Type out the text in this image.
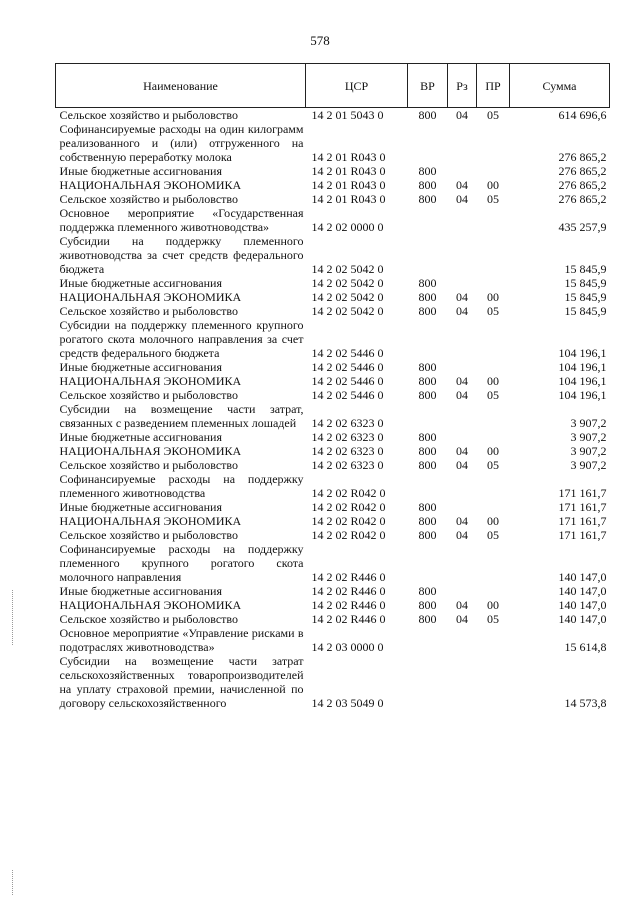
578
Наименование	ЦСР	ВР	Рз	ПР	Сумма
Сельское хозяйство и рыболовство	14 2 01 5043 0	800	04	05	614 696,6
Софинансируемые расходы на один килограмм реализованного и (или) отгруженного на собственную переработку молока	14 2 01 R043 0				276 865,2
Иные бюджетные ассигнования	14 2 01 R043 0	800			276 865,2
НАЦИОНАЛЬНАЯ ЭКОНОМИКА	14 2 01 R043 0	800	04	00	276 865,2
Сельское хозяйство и рыболовство	14 2 01 R043 0	800	04	05	276 865,2
Основное мероприятие «Государственная поддержка племенного животноводства»	14 2 02 0000 0				435 257,9
Субсидии на поддержку племенного животноводства за счет средств федерального бюджета	14 2 02 5042 0				15 845,9
Иные бюджетные ассигнования	14 2 02 5042 0	800			15 845,9
НАЦИОНАЛЬНАЯ ЭКОНОМИКА	14 2 02 5042 0	800	04	00	15 845,9
Сельское хозяйство и рыболовство	14 2 02 5042 0	800	04	05	15 845,9
Субсидии на поддержку племенного крупного рогатого скота молочного направления за счет средств федерального бюджета	14 2 02 5446 0				104 196,1
Иные бюджетные ассигнования	14 2 02 5446 0	800			104 196,1
НАЦИОНАЛЬНАЯ ЭКОНОМИКА	14 2 02 5446 0	800	04	00	104 196,1
Сельское хозяйство и рыболовство	14 2 02 5446 0	800	04	05	104 196,1
Субсидии на возмещение части затрат, связанных с разведением племенных лошадей	14 2 02 6323 0				3 907,2
Иные бюджетные ассигнования	14 2 02 6323 0	800			3 907,2
НАЦИОНАЛЬНАЯ ЭКОНОМИКА	14 2 02 6323 0	800	04	00	3 907,2
Сельское хозяйство и рыболовство	14 2 02 6323 0	800	04	05	3 907,2
Софинансируемые расходы на поддержку племенного животноводства	14 2 02 R042 0				171 161,7
Иные бюджетные ассигнования	14 2 02 R042 0	800			171 161,7
НАЦИОНАЛЬНАЯ ЭКОНОМИКА	14 2 02 R042 0	800	04	00	171 161,7
Сельское хозяйство и рыболовство	14 2 02 R042 0	800	04	05	171 161,7
Софинансируемые расходы на поддержку племенного крупного рогатого скота молочного направления	14 2 02 R446 0				140 147,0
Иные бюджетные ассигнования	14 2 02 R446 0	800			140 147,0
НАЦИОНАЛЬНАЯ ЭКОНОМИКА	14 2 02 R446 0	800	04	00	140 147,0
Сельское хозяйство и рыболовство	14 2 02 R446 0	800	04	05	140 147,0
Основное мероприятие «Управление рисками в подотраслях животноводства»	14 2 03 0000 0				15 614,8
Субсидии на возмещение части затрат сельскохозяйственных товаропроизводителей на уплату страховой премии, начисленной по договору сельскохозяйственного	14 2 03 5049 0				14 573,8
